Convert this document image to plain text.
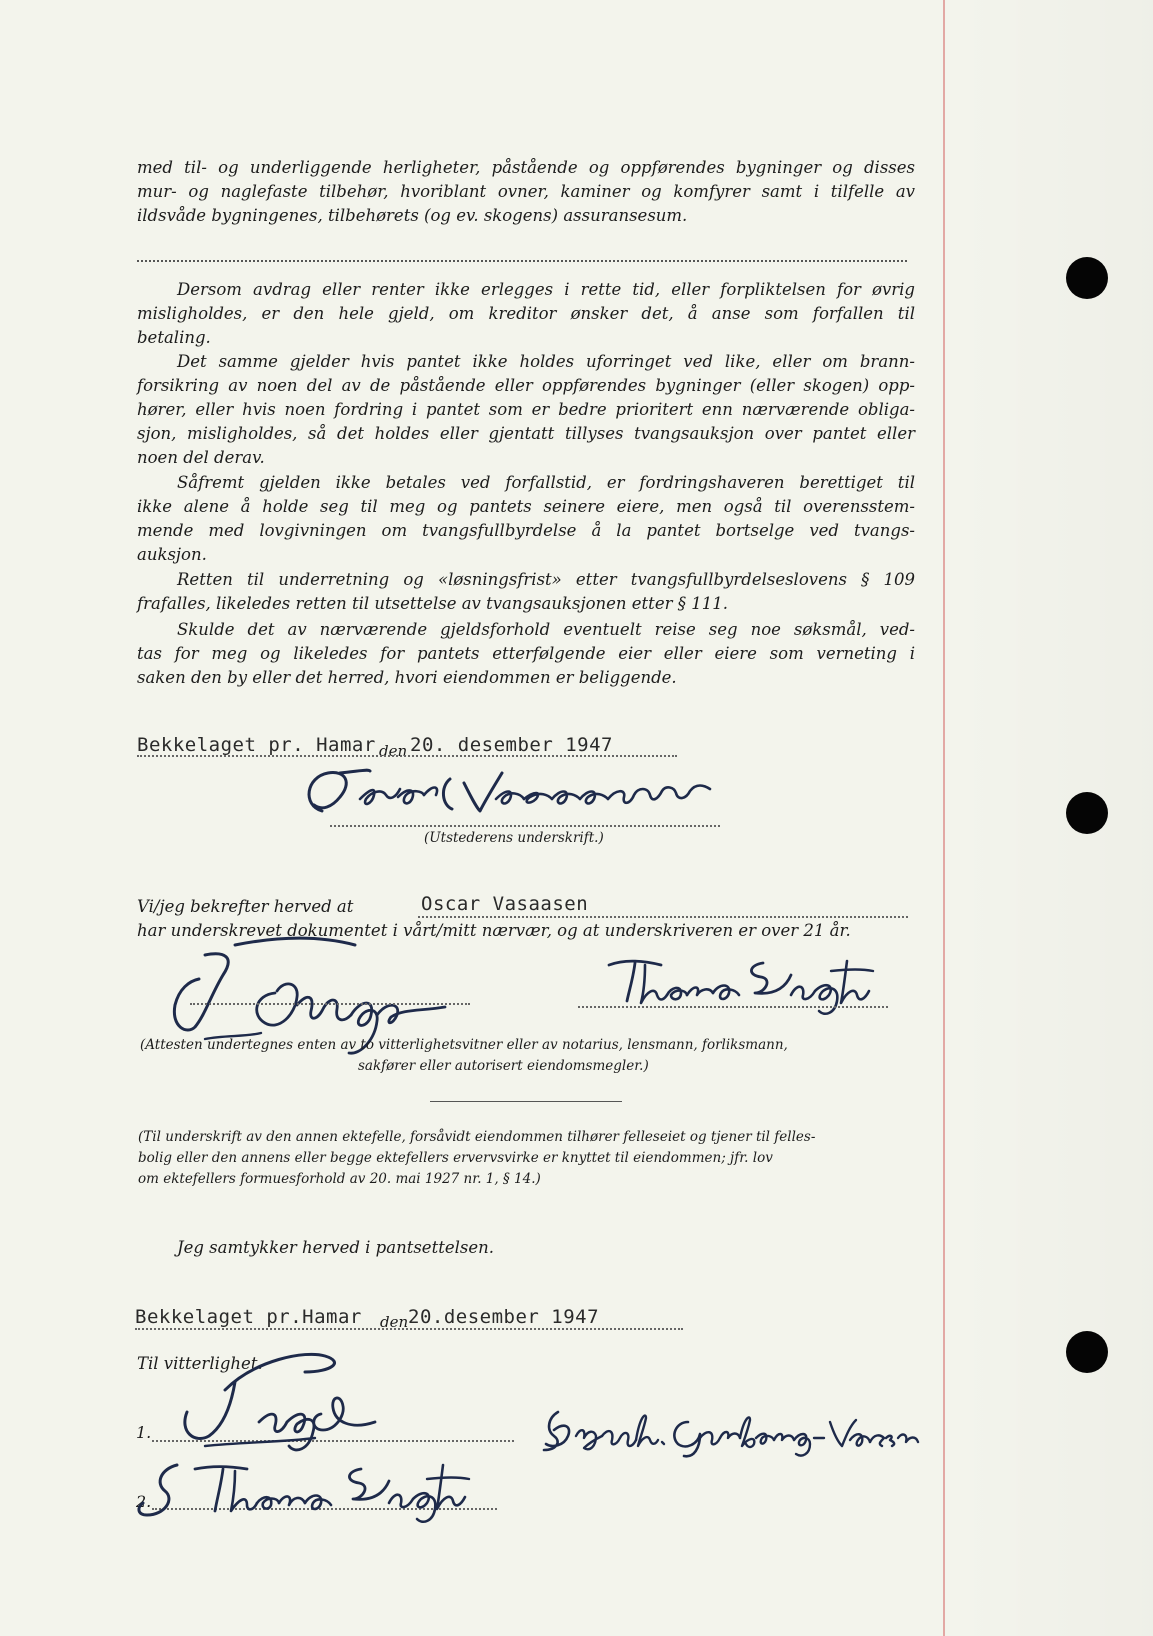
med til- og underliggende herligheter, påstående og oppførendes bygninger og disses
mur- og naglefaste tilbehør, hvoriblant ovner, kaminer og komfyrer samt i tilfelle av
ildsvåde bygningenes, tilbehørets (og ev. skogens) assuransesum.
Dersom avdrag eller renter ikke erlegges i rette tid, eller forpliktelsen for øvrig
misligholdes, er den hele gjeld, om kreditor ønsker det, å anse som forfallen til
betaling.
Det samme gjelder hvis pantet ikke holdes uforringet ved like, eller om brann-
forsikring av noen del av de påstående eller oppførendes bygninger (eller skogen) opp-
hører, eller hvis noen fordring i pantet som er bedre prioritert enn nærværende obliga-
sjon, misligholdes, så det holdes eller gjentatt tillyses tvangsauksjon over pantet eller
noen del derav.
Såfremt gjelden ikke betales ved forfallstid, er fordringshaveren berettiget til
ikke alene å holde seg til meg og pantets seinere eiere, men også til overensstem-
mende med lovgivningen om tvangsfullbyrdelse å la pantet bortselge ved tvangs-
auksjon.
Retten til underretning og «løsningsfrist» etter tvangsfullbyrdelseslovens § 109
frafalles, likeledes retten til utsettelse av tvangsauksjonen etter § 111.
Skulde det av nærværende gjeldsforhold eventuelt reise seg noe søksmål, ved-
tas for meg og likeledes for pantets etterfølgende eier eller eiere som verneting i
saken den by eller det herred, hvori eiendommen er beliggende.
Bekkelaget pr. Hamar den 20. desember 1947
(Utstederens underskrift.)
Vi/jeg bekrefter herved at
har underskrevet dokumentet i vårt/mitt nærvær, og at underskriveren er over 21 år.
Oscar Vasaasen
(Attesten undertegnes enten av to vitterlighetsvitner eller av notarius, lensmann, forliksmann,
sakfører eller autorisert eiendomsmegler.)
(Til underskrift av den annen ektefelle, forsåvidt eiendommen tilhører felleseiet og tjener til felles-
bolig eller den annens eller begge ektefellers ervervsvirke er knyttet til eiendommen; jfr. lov
om ektefellers formuesforhold av 20. mai 1927 nr. 1, § 14.)
Jeg samtykker herved i pantsettelsen.
Bekkelaget pr.Hamar den 20.desember 1947
Til vitterlighet.
1.
2.
